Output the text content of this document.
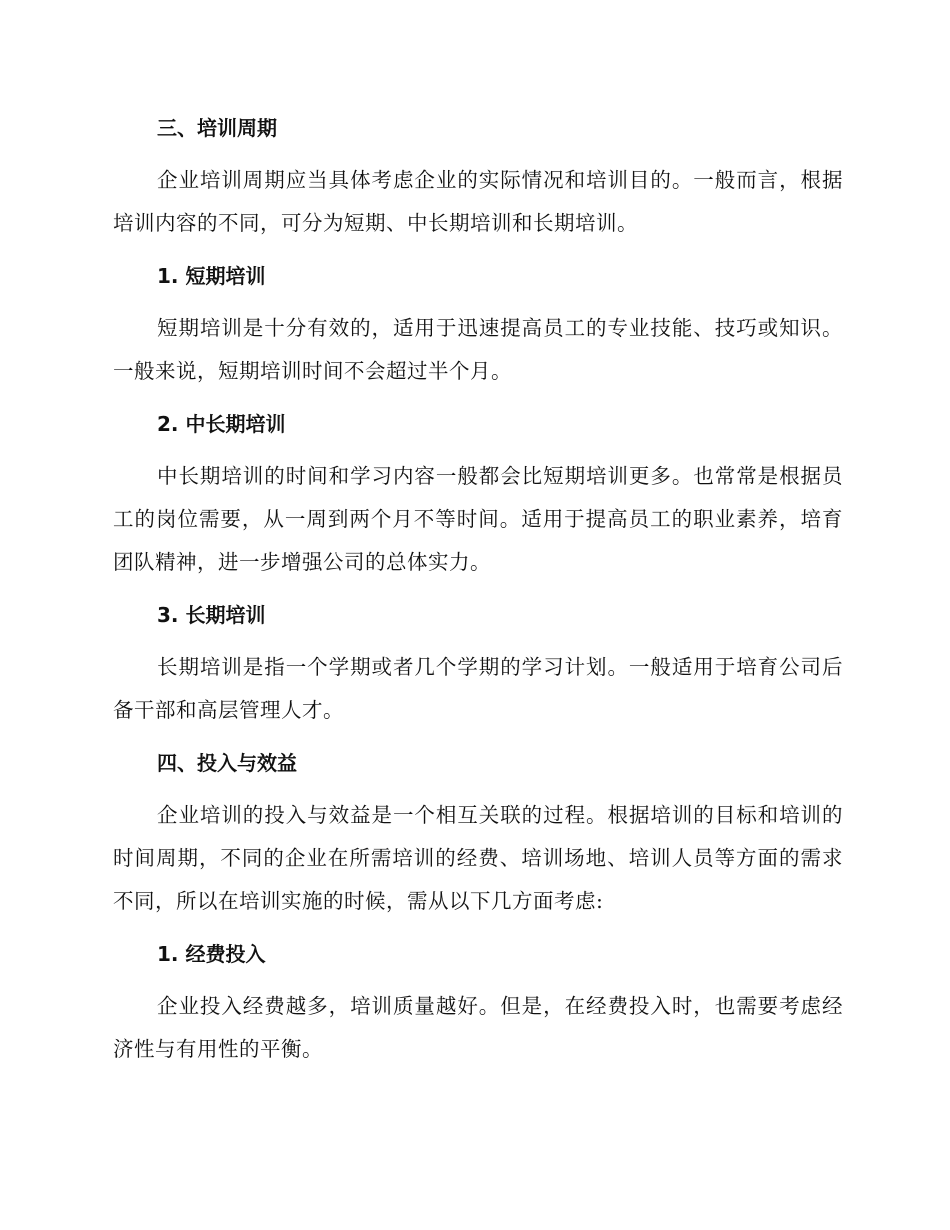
三、培训周期

企业培训周期应当具体考虑企业的实际情况和培训目的。一般而言，根据培训内容的不同，可分为短期、中长期培训和长期培训。

1. 短期培训

短期培训是十分有效的，适用于迅速提高员工的专业技能、技巧或知识。一般来说，短期培训时间不会超过半个月。

2. 中长期培训

中长期培训的时间和学习内容一般都会比短期培训更多。也常常是根据员工的岗位需要，从一周到两个月不等时间。适用于提高员工的职业素养，培育团队精神，进一步增强公司的总体实力。

3. 长期培训

长期培训是指一个学期或者几个学期的学习计划。一般适用于培育公司后备干部和高层管理人才。

四、投入与效益

企业培训的投入与效益是一个相互关联的过程。根据培训的目标和培训的时间周期，不同的企业在所需培训的经费、培训场地、培训人员等方面的需求不同，所以在培训实施的时候，需从以下几方面考虑:

1. 经费投入

企业投入经费越多，培训质量越好。但是，在经费投入时，也需要考虑经济性与有用性的平衡。
